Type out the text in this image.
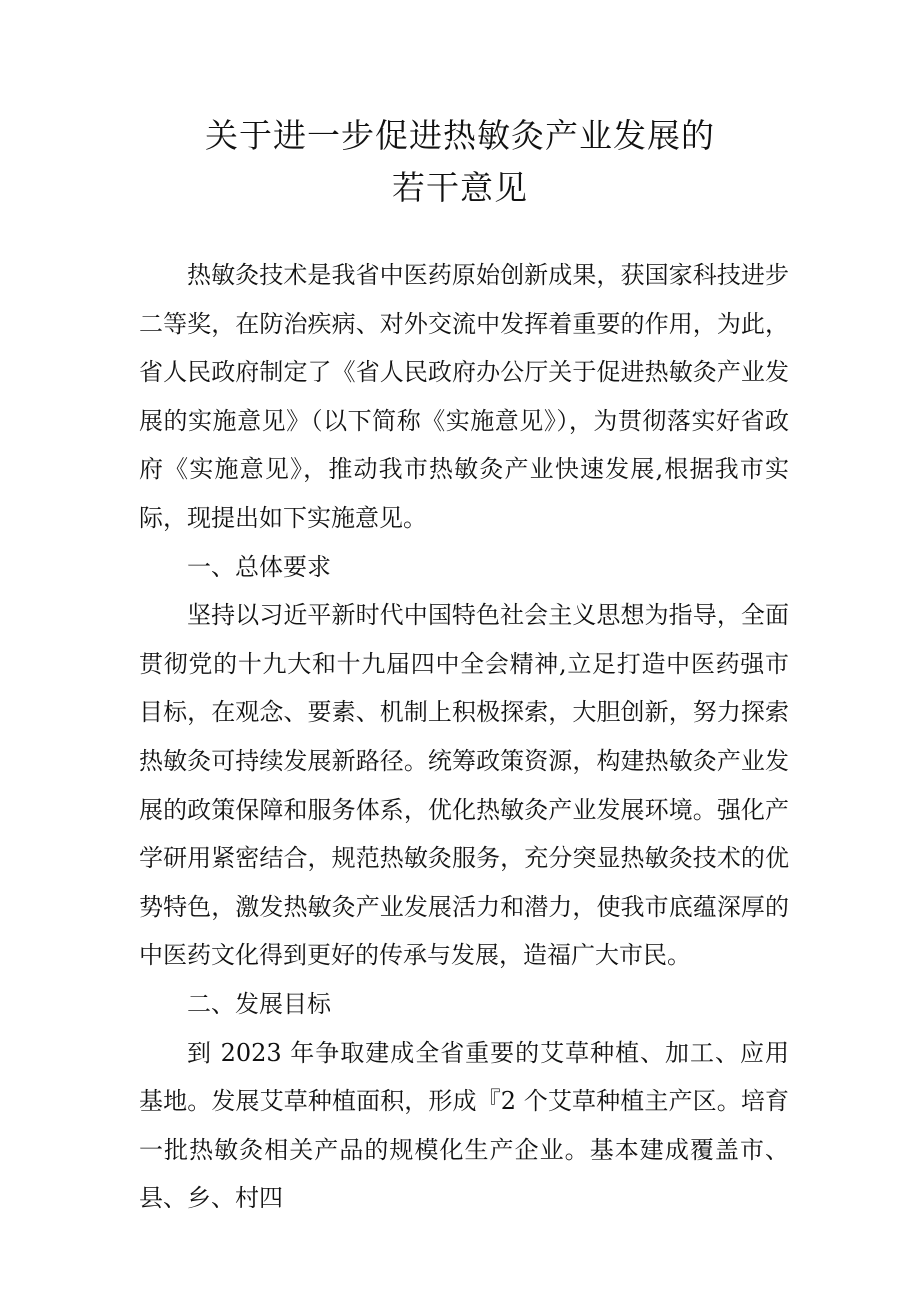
关于进一步促进热敏灸产业发展的
若干意见

热敏灸技术是我省中医药原始创新成果，获国家科技进步二等奖，在防治疾病、对外交流中发挥着重要的作用，为此，省人民政府制定了《省人民政府办公厅关于促进热敏灸产业发展的实施意见》（以下简称《实施意见》），为贯彻落实好省政府《实施意见》，推动我市热敏灸产业快速发展,根据我市实际，现提出如下实施意见。

一、总体要求

坚持以习近平新时代中国特色社会主义思想为指导，全面贯彻党的十九大和十九届四中全会精神,立足打造中医药强市目标，在观念、要素、机制上积极探索，大胆创新，努力探索热敏灸可持续发展新路径。统筹政策资源，构建热敏灸产业发展的政策保障和服务体系，优化热敏灸产业发展环境。强化产学研用紧密结合，规范热敏灸服务，充分突显热敏灸技术的优势特色，激发热敏灸产业发展活力和潜力，使我市底蕴深厚的中医药文化得到更好的传承与发展，造福广大市民。

二、发展目标

到 2023 年争取建成全省重要的艾草种植、加工、应用基地。发展艾草种植面积，形成『2 个艾草种植主产区。培育一批热敏灸相关产品的规模化生产企业。基本建成覆盖市、县、乡、村四
